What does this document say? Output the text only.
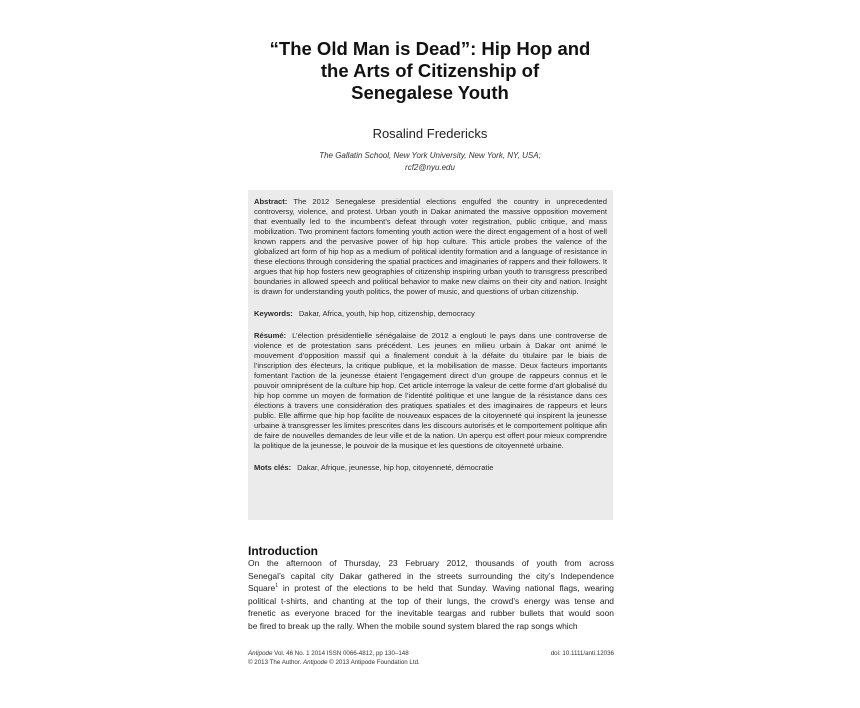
“The Old Man is Dead”: Hip Hop and
the Arts of Citizenship of
Senegalese Youth
Rosalind Fredericks
The Gallatin School, New York University, New York, NY, USA;
rcf2@nyu.edu

Abstract: The 2012 Senegalese presidential elections engulfed the country in unprecedented controversy, violence, and protest. Urban youth in Dakar animated the massive opposition movement that eventually led to the incumbent’s defeat through voter registration, public critique, and mass mobilization. Two prominent factors fomenting youth action were the direct engagement of a host of well known rappers and the pervasive power of hip hop culture. This article probes the valence of the globalized art form of hip hop as a medium of political identity formation and a language of resistance in these elections through considering the spatial practices and imaginaries of rappers and their followers. It argues that hip hop fosters new geographies of citizenship inspiring urban youth to transgress prescribed boundaries in allowed speech and political behavior to make new claims on their city and nation. Insight is drawn for understanding youth politics, the power of music, and questions of urban citizenship.

Keywords: Dakar, Africa, youth, hip hop, citizenship, democracy

Résumé: L’élection présidentielle sénégalaise de 2012 a englouti le pays dans une controverse de violence et de protestation sans précédent. Les jeunes en milieu urbain à Dakar ont animé le mouvement d’opposition massif qui a finalement conduit à la défaite du titulaire par le biais de l’inscription des électeurs, la critique publique, et la mobilisation de masse. Deux facteurs importants fomentant l’action de la jeunesse étaient l’engagement direct d’un groupe de rappeurs connus et le pouvoir omniprésent de la culture hip hop. Cet article interroge la valeur de cette forme d’art globalisé du hip hop comme un moyen de formation de l’identité politique et une langue de la résistance dans ces élections à travers une considération des pratiques spatiales et des imaginaires de rappeurs et leurs public. Elle affirme que hip hop facilite de nouveaux espaces de la citoyenneté qui inspirent la jeunesse urbaine à transgresser les limites prescrites dans les discours autorisés et le comportement politique afin de faire de nouvelles demandes de leur ville et de la nation. Un aperçu est offert pour mieux comprendre la politique de la jeunesse, le pouvoir de la musique et les questions de citoyenneté urbaine.

Mots clés: Dakar, Afrique, jeunesse, hip hop, citoyenneté, démocratie

Introduction
On the afternoon of Thursday, 23 February 2012, thousands of youth from across
Senegal’s capital city Dakar gathered in the streets surrounding the city’s Independence
Square$^1$ in protest of the elections to be held that Sunday. Waving national flags, wearing
political t-shirts, and chanting at the top of their lungs, the crowd’s energy was tense and
frenetic as everyone braced for the inevitable teargas and rubber bullets that would soon
be fired to break up the rally. When the mobile sound system blared the rap songs which
Antipode Vol. 46 No. 1 2014 ISSN 0066-4812, pp 130–148	doi: 10.1111/anti.12036
© 2013 The Author. Antipode © 2013 Antipode Foundation Ltd.
